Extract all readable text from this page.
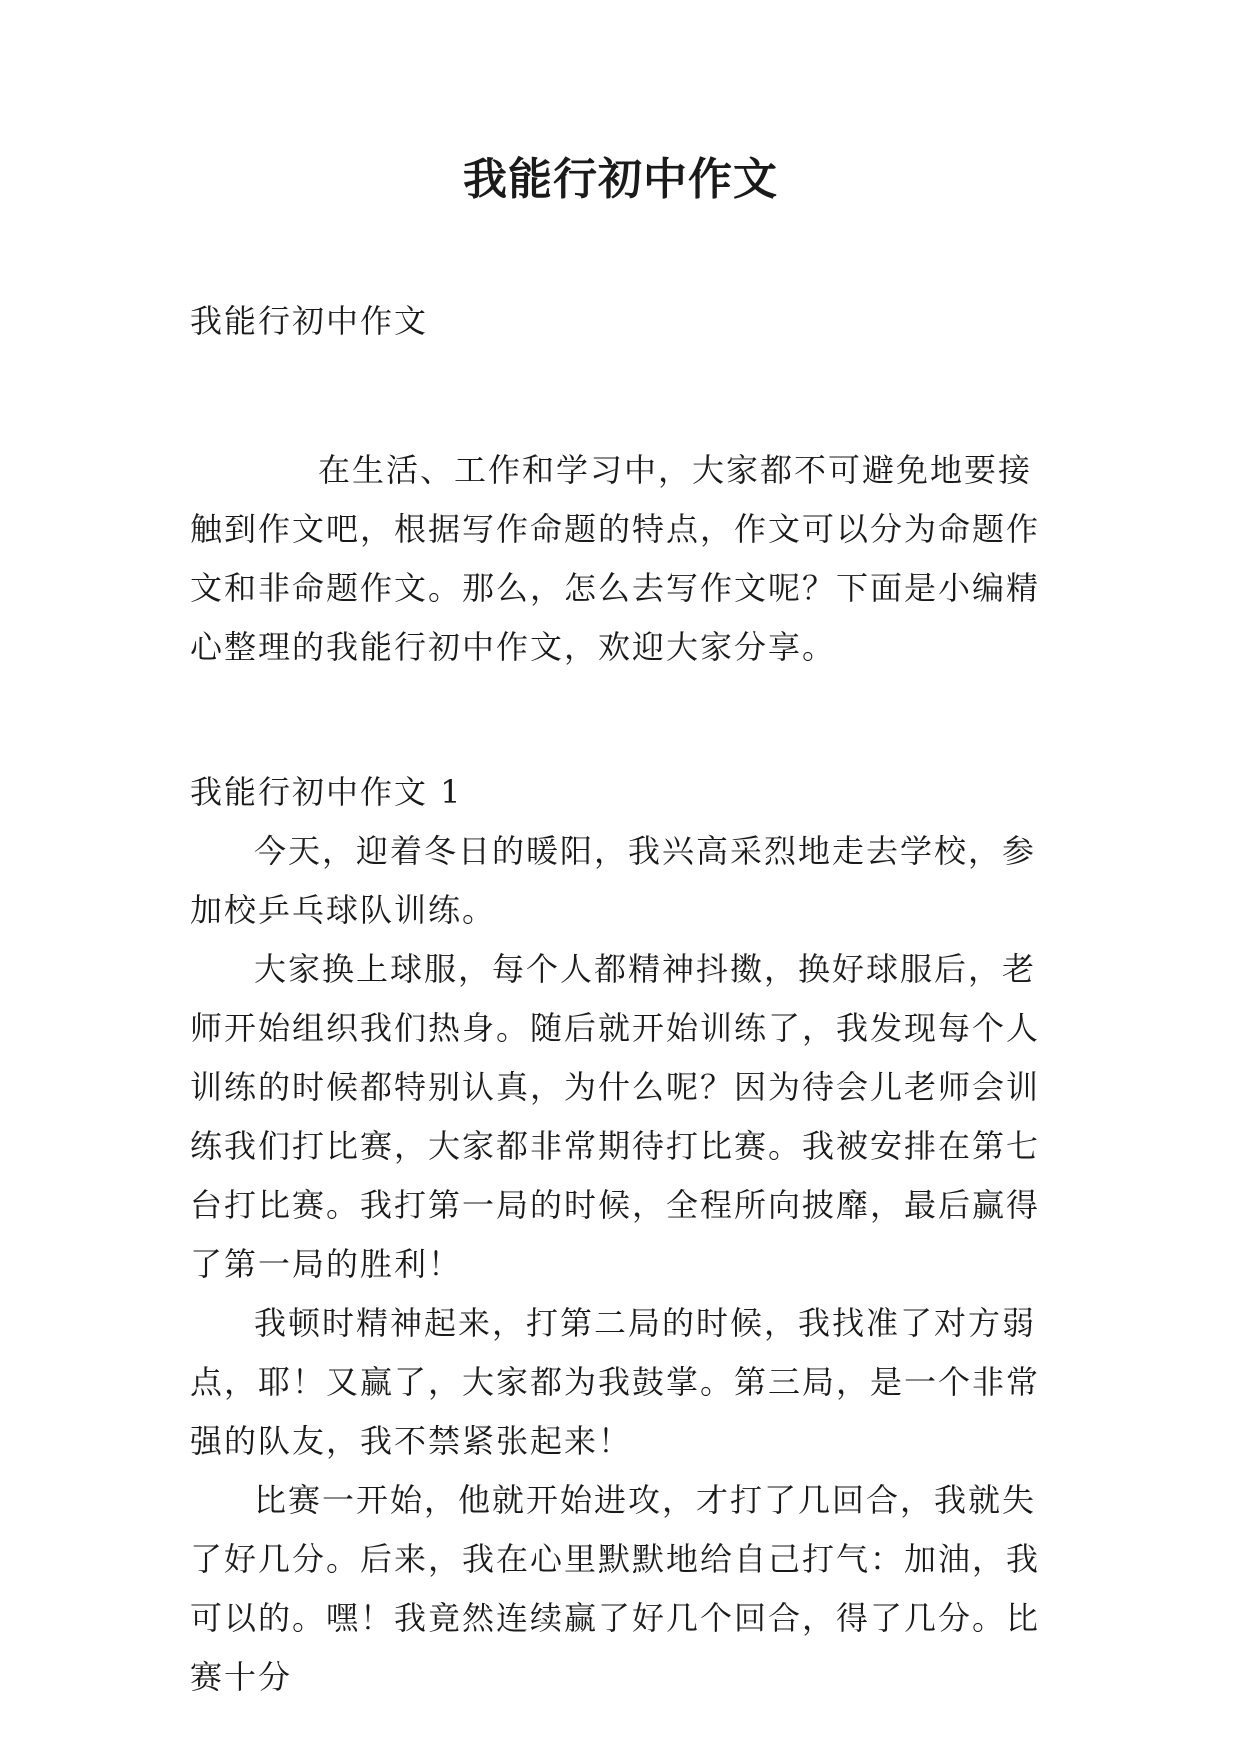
我能行初中作文

我能行初中作文

在生活、工作和学习中，大家都不可避免地要接触到作文吧，根据写作命题的特点，作文可以分为命题作文和非命题作文。那么，怎么去写作文呢？下面是小编精心整理的我能行初中作文，欢迎大家分享。

我能行初中作文 1

今天，迎着冬日的暖阳，我兴高采烈地走去学校，参加校乒乓球队训练。

大家换上球服，每个人都精神抖擞，换好球服后，老师开始组织我们热身。随后就开始训练了，我发现每个人训练的时候都特别认真，为什么呢？因为待会儿老师会训练我们打比赛，大家都非常期待打比赛。我被安排在第七台打比赛。我打第一局的时候，全程所向披靡，最后赢得了第一局的胜利！

我顿时精神起来，打第二局的时候，我找准了对方弱点，耶！又赢了，大家都为我鼓掌。第三局，是一个非常强的队友，我不禁紧张起来！

比赛一开始，他就开始进攻，才打了几回合，我就失了好几分。后来，我在心里默默地给自己打气：加油，我可以的。嘿！我竟然连续赢了好几个回合，得了几分。比赛十分
